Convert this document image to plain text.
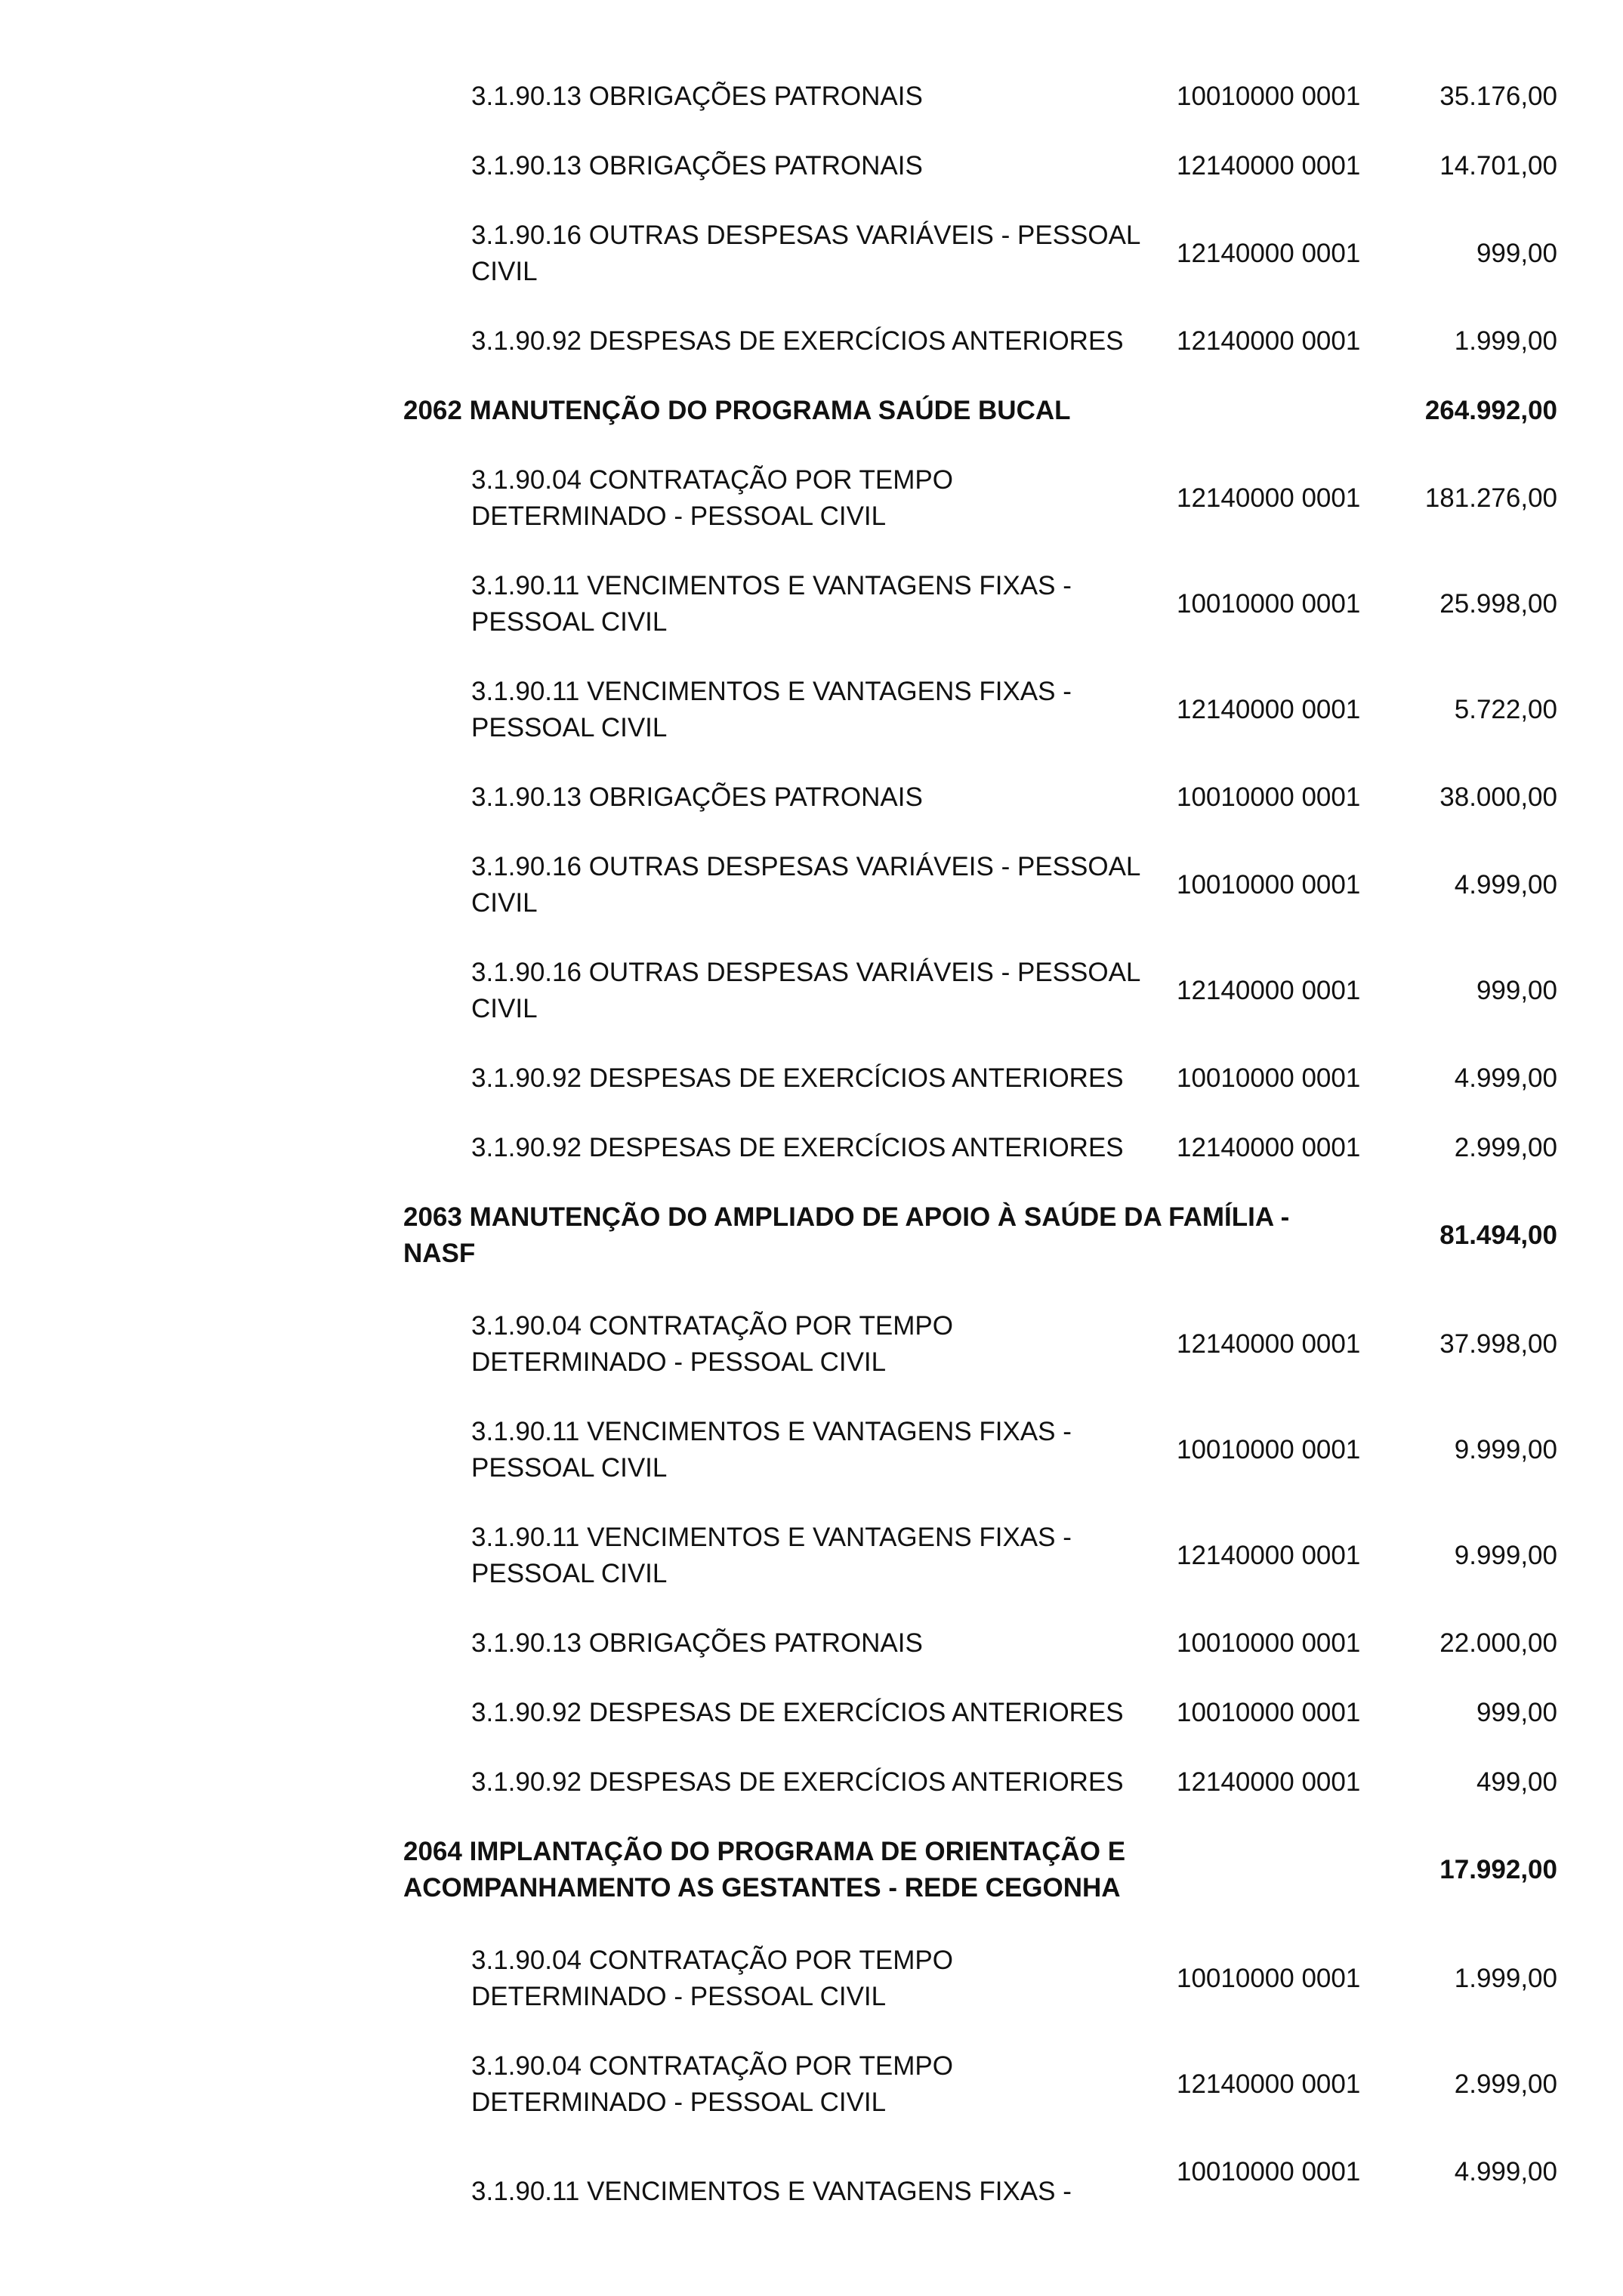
3.1.90.13 OBRIGAÇÕES PATRONAIS	10010000 0001	35.176,00
3.1.90.13 OBRIGAÇÕES PATRONAIS	12140000 0001	14.701,00
3.1.90.16 OUTRAS DESPESAS VARIÁVEIS - PESSOAL
CIVIL
12140000 0001	999,00
3.1.90.92 DESPESAS DE EXERCÍCIOS ANTERIORES	12140000 0001	1.999,00
2062 MANUTENÇÃO DO PROGRAMA SAÚDE BUCAL	264.992,00
3.1.90.04 CONTRATAÇÃO POR TEMPO
DETERMINADO - PESSOAL CIVIL
12140000 0001	181.276,00
3.1.90.11 VENCIMENTOS E VANTAGENS FIXAS -
PESSOAL CIVIL
10010000 0001	25.998,00
3.1.90.11 VENCIMENTOS E VANTAGENS FIXAS -
PESSOAL CIVIL
12140000 0001	5.722,00
3.1.90.13 OBRIGAÇÕES PATRONAIS	10010000 0001	38.000,00
3.1.90.16 OUTRAS DESPESAS VARIÁVEIS - PESSOAL
CIVIL
10010000 0001	4.999,00
3.1.90.16 OUTRAS DESPESAS VARIÁVEIS - PESSOAL
CIVIL
12140000 0001	999,00
3.1.90.92 DESPESAS DE EXERCÍCIOS ANTERIORES	10010000 0001	4.999,00
3.1.90.92 DESPESAS DE EXERCÍCIOS ANTERIORES	12140000 0001	2.999,00
2063 MANUTENÇÃO DO AMPLIADO DE APOIO À SAÚDE DA FAMÍLIA -
NASF
81.494,00
3.1.90.04 CONTRATAÇÃO POR TEMPO
DETERMINADO - PESSOAL CIVIL
12140000 0001	37.998,00
3.1.90.11 VENCIMENTOS E VANTAGENS FIXAS -
PESSOAL CIVIL
10010000 0001	9.999,00
3.1.90.11 VENCIMENTOS E VANTAGENS FIXAS -
PESSOAL CIVIL
12140000 0001	9.999,00
3.1.90.13 OBRIGAÇÕES PATRONAIS	10010000 0001	22.000,00
3.1.90.92 DESPESAS DE EXERCÍCIOS ANTERIORES	10010000 0001	999,00
3.1.90.92 DESPESAS DE EXERCÍCIOS ANTERIORES	12140000 0001	499,00
2064 IMPLANTAÇÃO DO PROGRAMA DE ORIENTAÇÃO E
ACOMPANHAMENTO AS GESTANTES - REDE CEGONHA
17.992,00
3.1.90.04 CONTRATAÇÃO POR TEMPO
DETERMINADO - PESSOAL CIVIL
10010000 0001	1.999,00
3.1.90.04 CONTRATAÇÃO POR TEMPO
DETERMINADO - PESSOAL CIVIL
12140000 0001	2.999,00
3.1.90.11 VENCIMENTOS E VANTAGENS FIXAS -
10010000 0001	4.999,00
